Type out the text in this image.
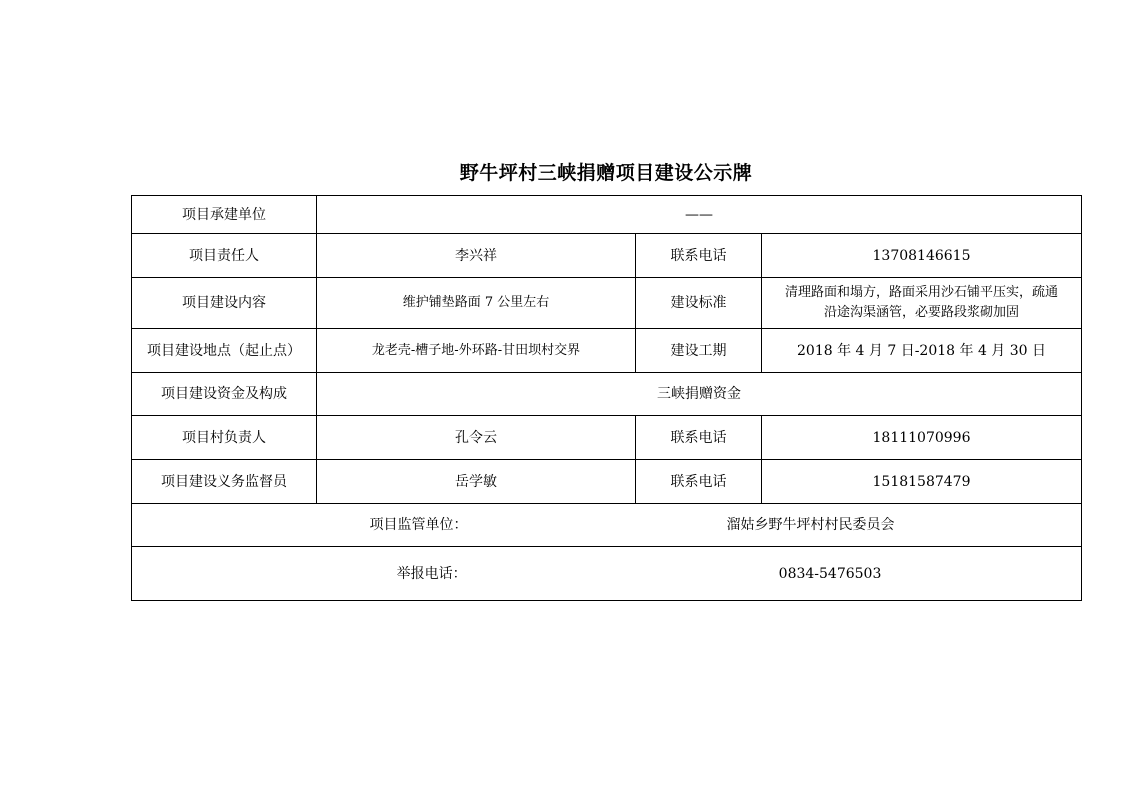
野牛坪村三峡捐赠项目建设公示牌
项目承建单位	——		
项目责任人	李兴祥	联系电话	13708146615
项目建设内容	维护铺垫路面 7 公里左右	建设标准	清理路面和塌方，路面采用沙石铺平压实，疏通
沿途沟渠涵管，必要路段浆砌加固

项目建设地点（起止点）	龙老壳-槽子地-外环路-甘田坝村交界	建设工期	2018 年 4 月 7 日-2018 年 4 月 30 日
项目建设资金及构成	三峡捐赠资金		
项目村负责人	孔令云	联系电话	18111070996
项目建设义务监督员	岳学敏	联系电话	15181587479
项目监管单位： 溜姑乡野牛坪村村民委员会			
举报电话： 0834-5476503			
